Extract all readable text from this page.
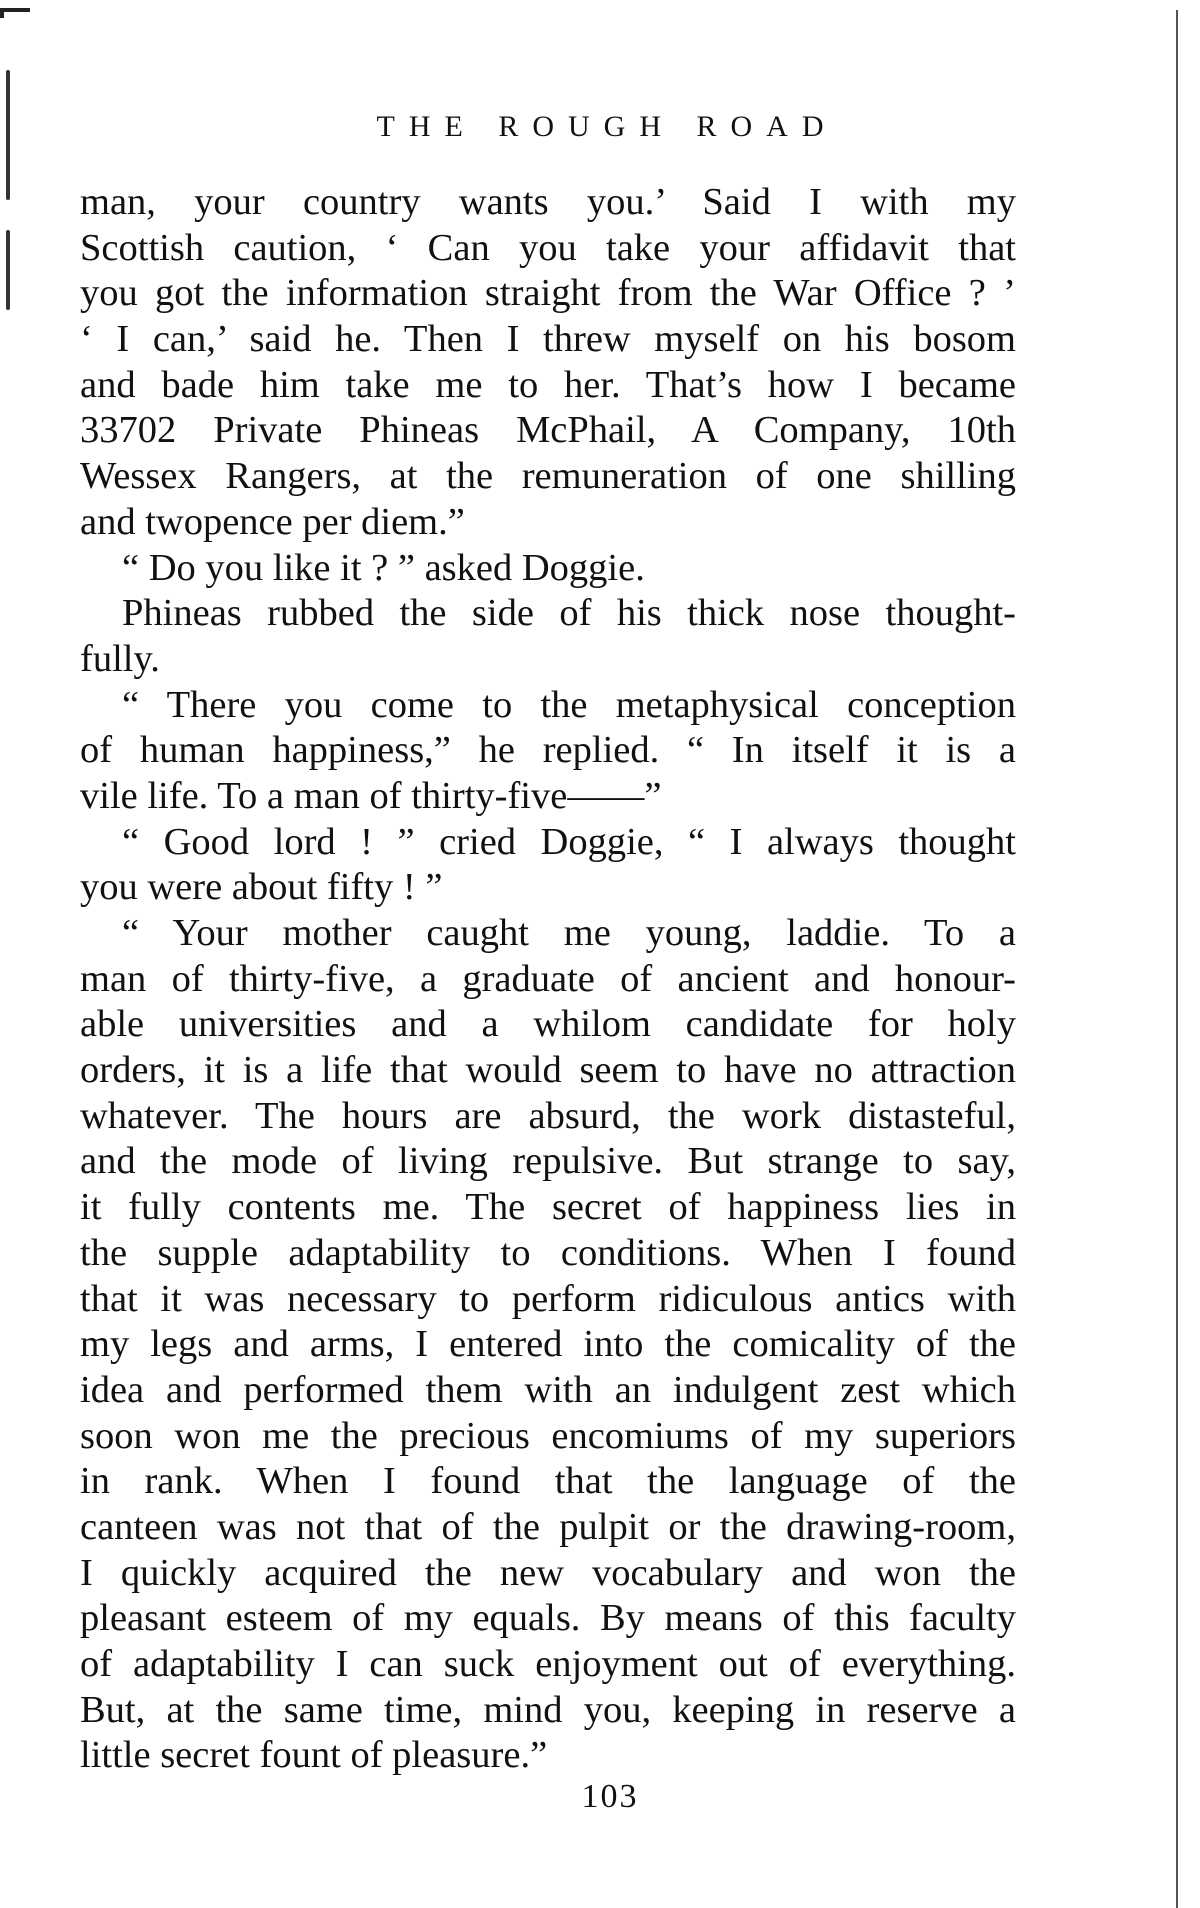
THE ROUGH ROAD
man, your country wants you.’ Said I with my
Scottish caution, ‘ Can you take your affidavit that
you got the information straight from the War Office ? ’
‘ I can,’ said he. Then I threw myself on his bosom
and bade him take me to her. That’s how I became
33702 Private Phineas McPhail, A Company, 10th
Wessex Rangers, at the remuneration of one shilling
and twopence per diem.”
“ Do you like it ? ” asked Doggie.
Phineas rubbed the side of his thick nose thought-
fully.
“ There you come to the metaphysical conception
of human happiness,” he replied. “ In itself it is a
vile life. To a man of thirty-five——”
“ Good lord ! ” cried Doggie, “ I always thought
you were about fifty ! ”
“ Your mother caught me young, laddie. To a
man of thirty-five, a graduate of ancient and honour-
able universities and a whilom candidate for holy
orders, it is a life that would seem to have no attraction
whatever. The hours are absurd, the work distasteful,
and the mode of living repulsive. But strange to say,
it fully contents me. The secret of happiness lies in
the supple adaptability to conditions. When I found
that it was necessary to perform ridiculous antics with
my legs and arms, I entered into the comicality of the
idea and performed them with an indulgent zest which
soon won me the precious encomiums of my superiors
in rank. When I found that the language of the
canteen was not that of the pulpit or the drawing-room,
I quickly acquired the new vocabulary and won the
pleasant esteem of my equals. By means of this faculty
of adaptability I can suck enjoyment out of everything.
But, at the same time, mind you, keeping in reserve a
little secret fount of pleasure.”
103
